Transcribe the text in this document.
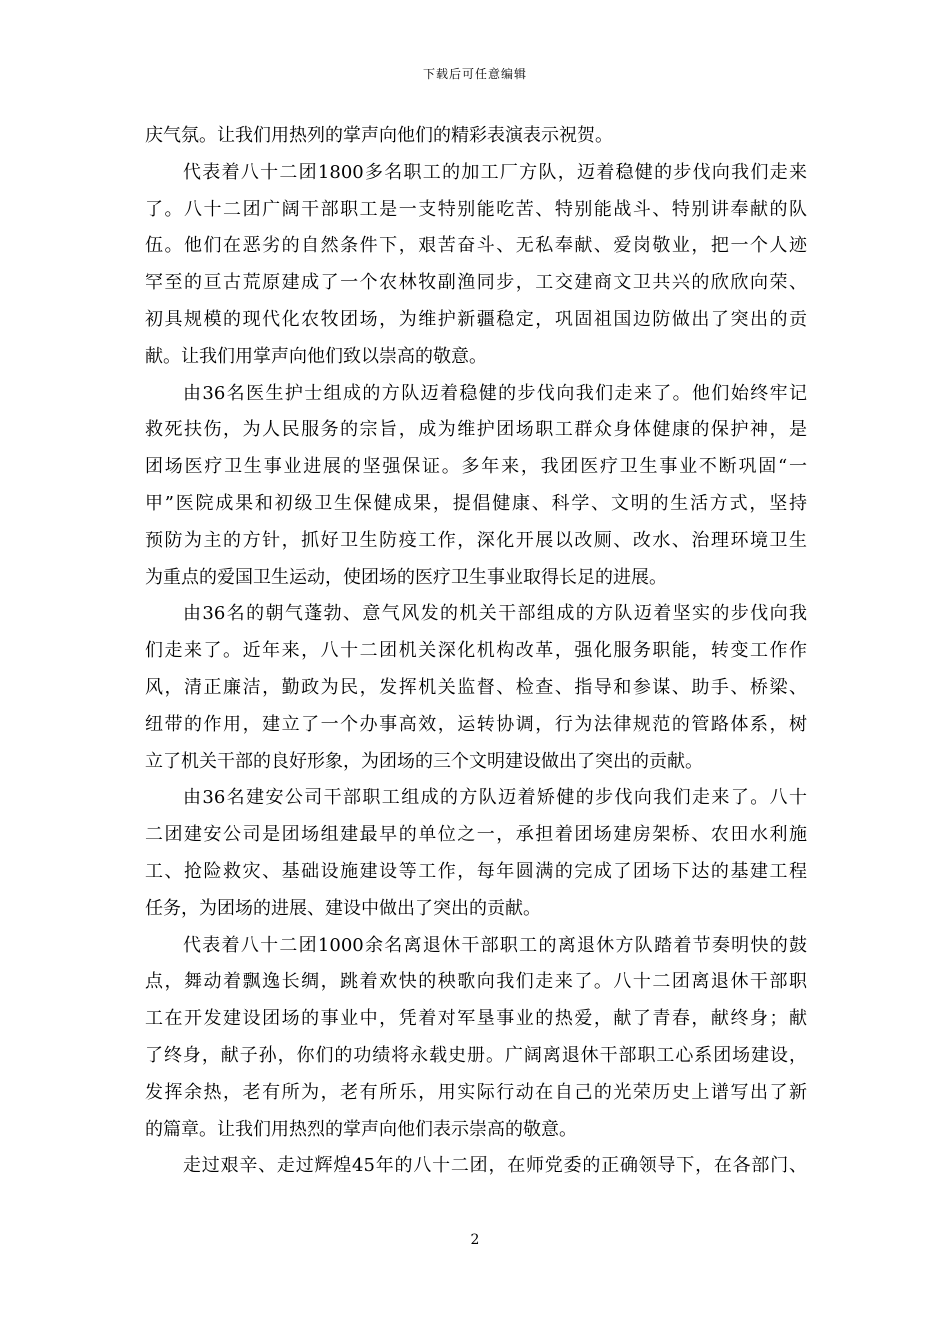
下载后可任意编辑
庆气氛。让我们用热列的掌声向他们的精彩表演表示祝贺。
代表着八十二团1800多名职工的加工厂方队，迈着稳健的步伐向我们走来
了。八十二团广阔干部职工是一支特别能吃苦、特别能战斗、特别讲奉献的队
伍。他们在恶劣的自然条件下，艰苦奋斗、无私奉献、爱岗敬业，把一个人迹
罕至的亘古荒原建成了一个农林牧副渔同步，工交建商文卫共兴的欣欣向荣、
初具规模的现代化农牧团场，为维护新疆稳定，巩固祖国边防做出了突出的贡
献。让我们用掌声向他们致以崇高的敬意。
由36名医生护士组成的方队迈着稳健的步伐向我们走来了。他们始终牢记
救死扶伤，为人民服务的宗旨，成为维护团场职工群众身体健康的保护神，是
团场医疗卫生事业进展的坚强保证。多年来，我团医疗卫生事业不断巩固“一
甲”医院成果和初级卫生保健成果，提倡健康、科学、文明的生活方式，坚持
预防为主的方针，抓好卫生防疫工作，深化开展以改厕、改水、治理环境卫生
为重点的爱国卫生运动，使团场的医疗卫生事业取得长足的进展。
由36名的朝气蓬勃、意气风发的机关干部组成的方队迈着坚实的步伐向我
们走来了。近年来，八十二团机关深化机构改革，强化服务职能，转变工作作
风，清正廉洁，勤政为民，发挥机关监督、检查、指导和参谋、助手、桥梁、
纽带的作用，建立了一个办事高效，运转协调，行为法律规范的管路体系，树
立了机关干部的良好形象，为团场的三个文明建设做出了突出的贡献。
由36名建安公司干部职工组成的方队迈着矫健的步伐向我们走来了。八十
二团建安公司是团场组建最早的单位之一，承担着团场建房架桥、农田水利施
工、抢险救灾、基础设施建设等工作，每年圆满的完成了团场下达的基建工程
任务，为团场的进展、建设中做出了突出的贡献。
代表着八十二团1000余名离退休干部职工的离退休方队踏着节奏明快的鼓
点，舞动着飘逸长绸，跳着欢快的秧歌向我们走来了。八十二团离退休干部职
工在开发建设团场的事业中，凭着对军垦事业的热爱，献了青春，献终身；献
了终身，献子孙，你们的功绩将永载史册。广阔离退休干部职工心系团场建设，
发挥余热，老有所为，老有所乐，用实际行动在自己的光荣历史上谱写出了新
的篇章。让我们用热烈的掌声向他们表示崇高的敬意。
走过艰辛、走过辉煌45年的八十二团，在师党委的正确领导下，在各部门、
2
